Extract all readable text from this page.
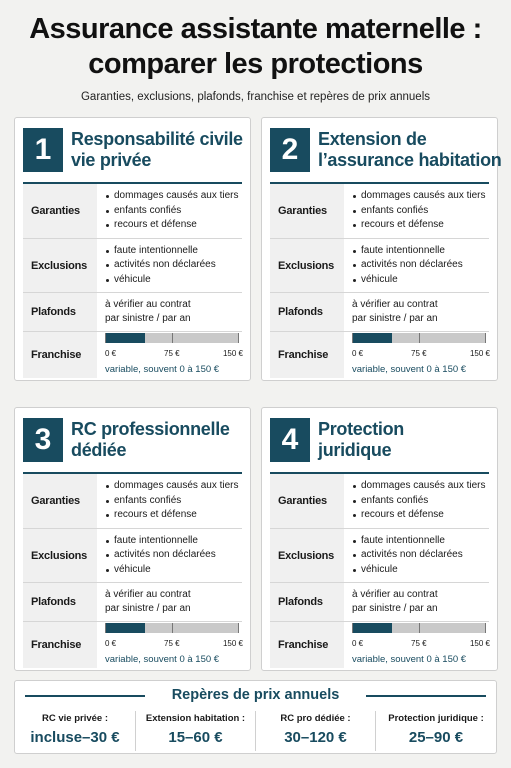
Assurance assistante maternelle :
comparer les protections
Garanties, exclusions, plafonds, franchise et repères de prix annuels
1	Responsabilité civile
vie privée
Garanties
dommages causés aux tiers
enfants confiés
recours et défense
Exclusions
faute intentionnelle
activités non déclarées
véhicule
Plafonds
à vérifier au contrat
par sinistre / par an
Franchise	0 €	75 €	150 €
variable, souvent 0 à 150 €
2	Extension de
l’assurance habitation
Garanties
dommages causés aux tiers
enfants confiés
recours et défense
Exclusions
faute intentionnelle
activités non déclarées
véhicule
Plafonds
à vérifier au contrat
par sinistre / par an
Franchise	0 €	75 €	150 €
variable, souvent 0 à 150 €
3	RC professionnelle
dédiée
Garanties
dommages causés aux tiers
enfants confiés
recours et défense
Exclusions
faute intentionnelle
activités non déclarées
véhicule
Plafonds
à vérifier au contrat
par sinistre / par an
Franchise	0 €	75 €	150 €
variable, souvent 0 à 150 €
4	Protection
juridique
Garanties
dommages causés aux tiers
enfants confiés
recours et défense
Exclusions
faute intentionnelle
activités non déclarées
véhicule
Plafonds
à vérifier au contrat
par sinistre / par an
Franchise	0 €	75 €	150 €
variable, souvent 0 à 150 €
Repères de prix annuels
RC vie privée :
incluse–30 €
Extension habitation :
15–60 €
RC pro dédiée :
30–120 €
Protection juridique :
25–90 €
